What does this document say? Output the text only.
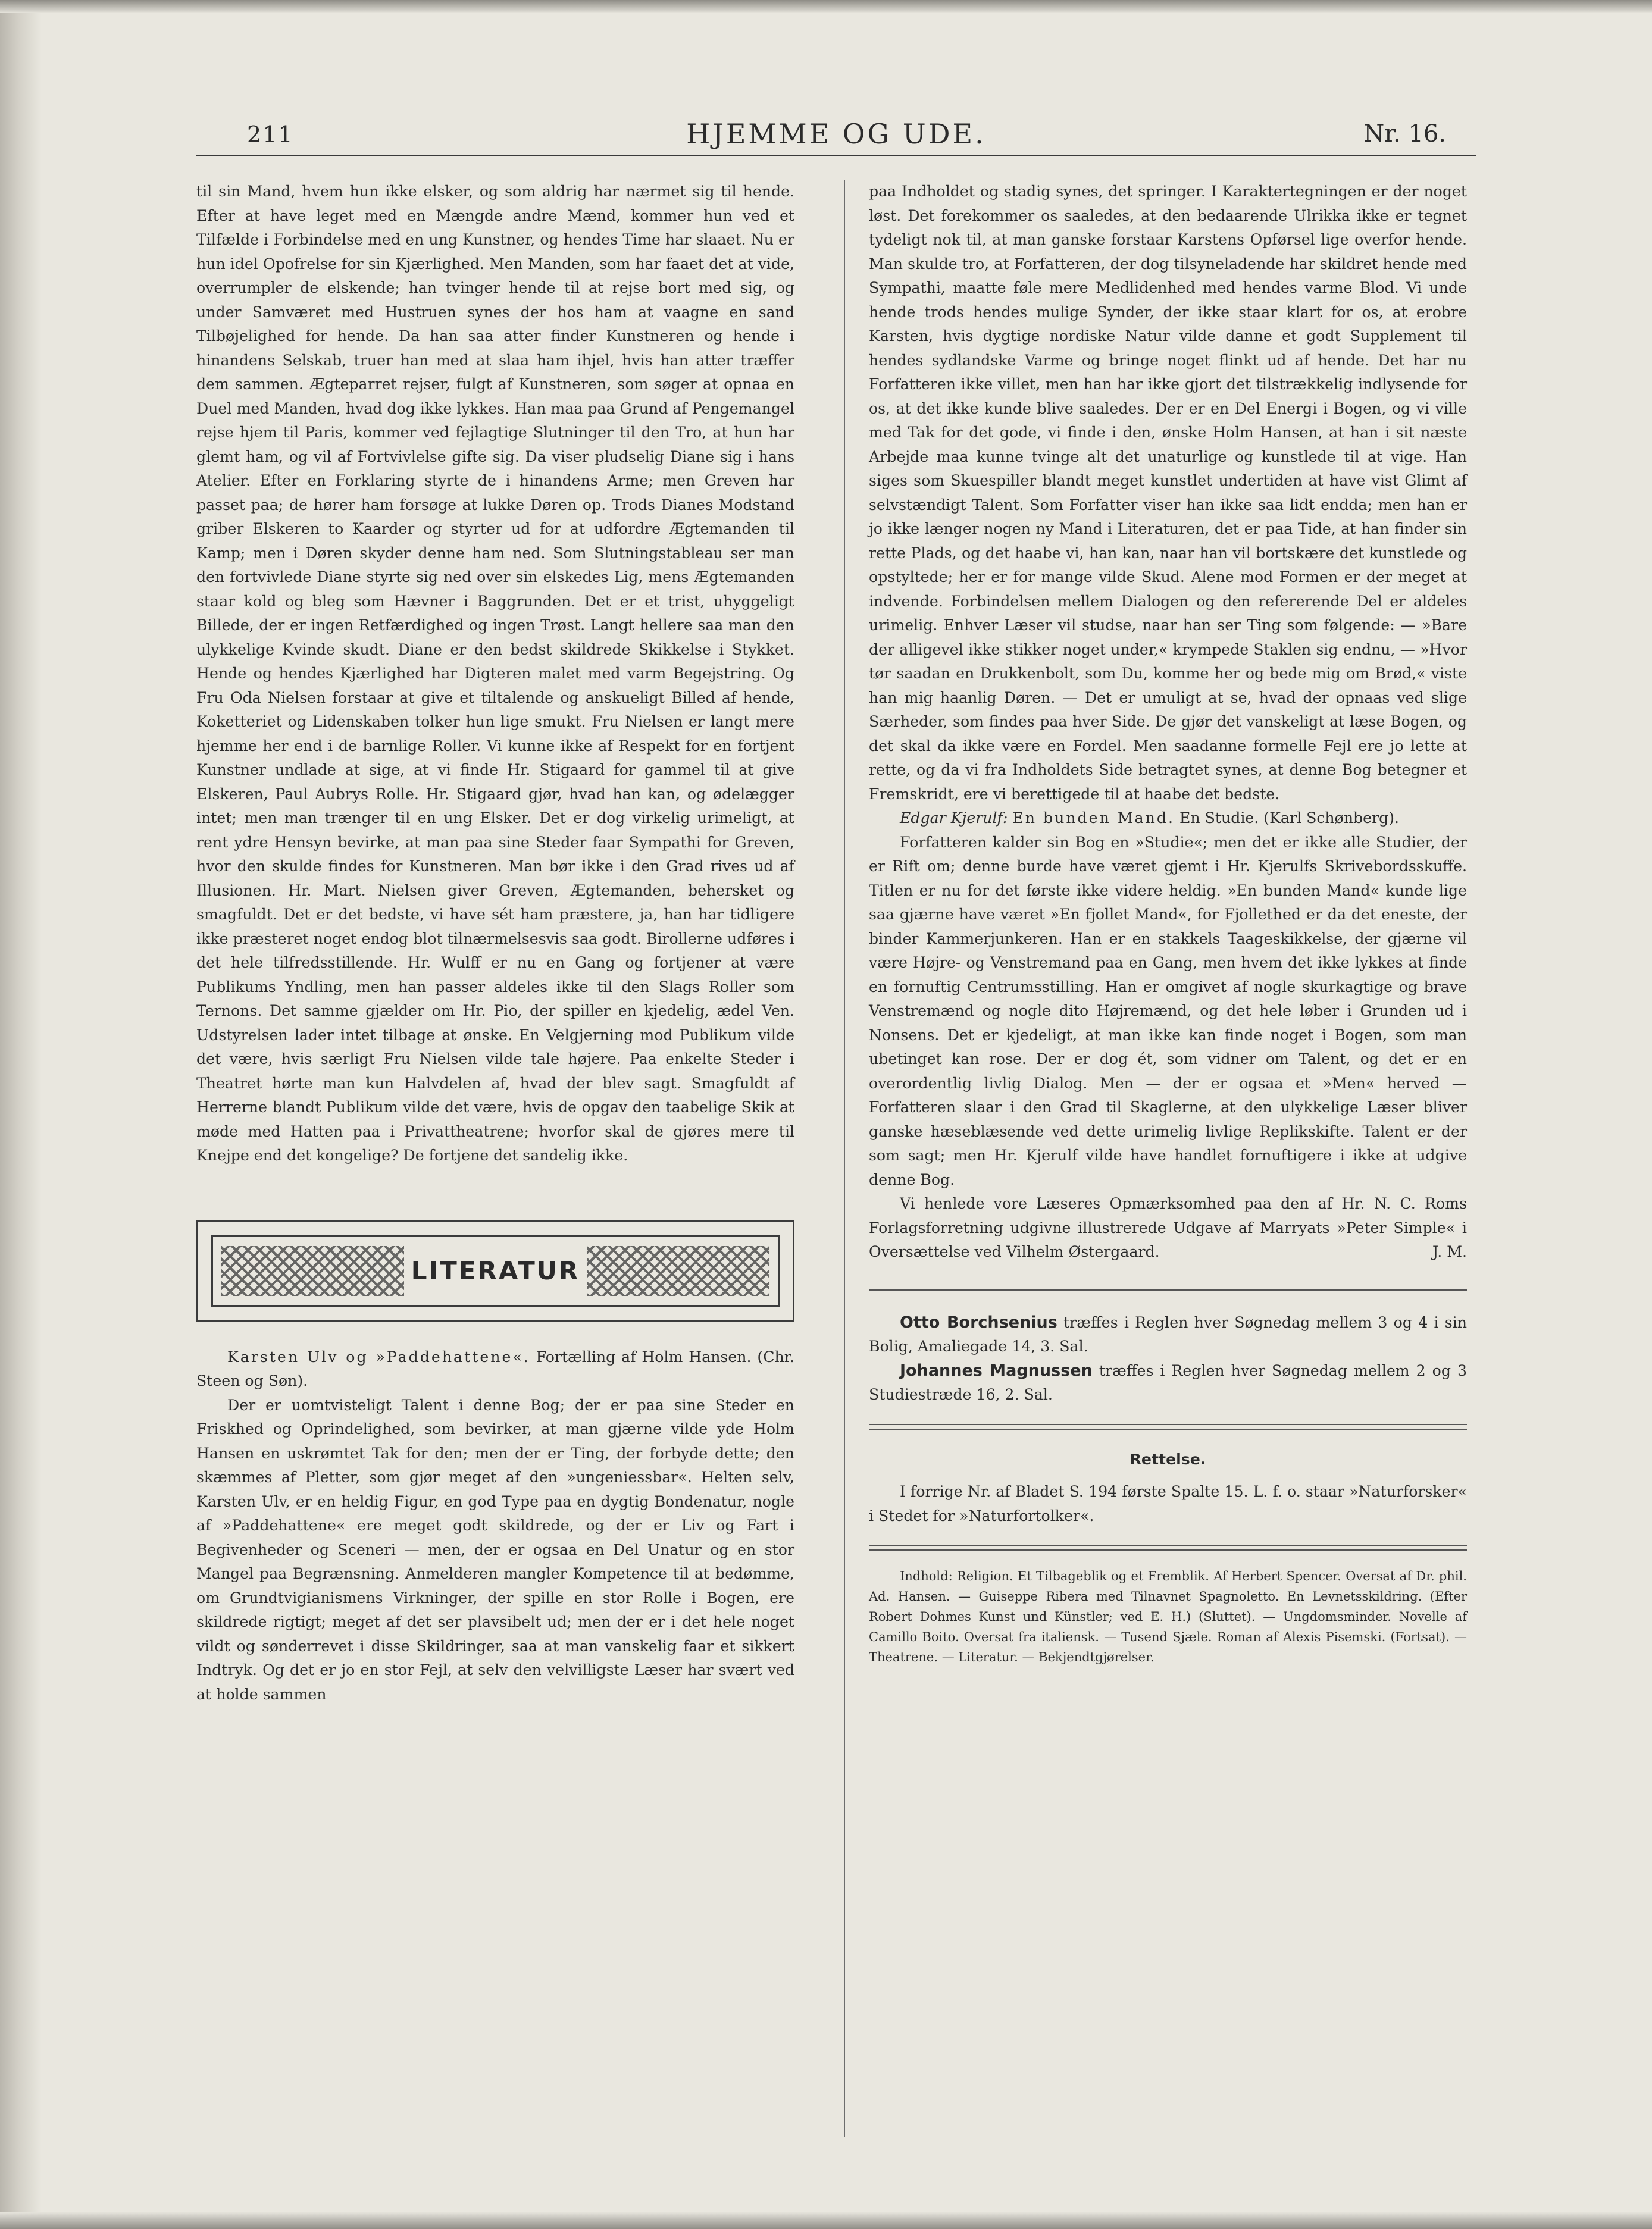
211	HJEMME OG UDE.	Nr. 16.

til sin Mand, hvem hun ikke elsker, og som aldrig har nærmet sig til hende. Efter at have leget med en Mængde andre Mænd, kommer hun ved et Tilfælde i Forbindelse med en ung Kunstner, og hendes Time har slaaet. Nu er hun idel Opofrelse for sin Kjærlighed. Men Manden, som har faaet det at vide, overrumpler de elskende; han tvinger hende til at rejse bort med sig, og under Samværet med Hustruen synes der hos ham at vaagne en sand Tilbøjelighed for hende. Da han saa atter finder Kunstneren og hende i hinandens Selskab, truer han med at slaa ham ihjel, hvis han atter træffer dem sammen. Ægteparret rejser, fulgt af Kunstneren, som søger at opnaa en Duel med Manden, hvad dog ikke lykkes. Han maa paa Grund af Pengemangel rejse hjem til Paris, kommer ved fejlagtige Slutninger til den Tro, at hun har glemt ham, og vil af Fortvivlelse gifte sig. Da viser pludselig Diane sig i hans Atelier. Efter en Forklaring styrte de i hinandens Arme; men Greven har passet paa; de hører ham forsøge at lukke Døren op. Trods Dianes Modstand griber Elskeren to Kaarder og styrter ud for at udfordre Ægtemanden til Kamp; men i Døren skyder denne ham ned. Som Slutningstableau ser man den fortvivlede Diane styrte sig ned over sin elskedes Lig, mens Ægtemanden staar kold og bleg som Hævner i Baggrunden. Det er et trist, uhyggeligt Billede, der er ingen Retfærdighed og ingen Trøst. Langt hellere saa man den ulykkelige Kvinde skudt. Diane er den bedst skildrede Skikkelse i Stykket. Hende og hendes Kjærlighed har Digteren malet med varm Begejstring. Og Fru Oda Nielsen forstaar at give et tiltalende og anskueligt Billed af hende, Koketteriet og Lidenskaben tolker hun lige smukt. Fru Nielsen er langt mere hjemme her end i de barnlige Roller. Vi kunne ikke af Respekt for en fortjent Kunstner undlade at sige, at vi finde Hr. Stigaard for gammel til at give Elskeren, Paul Aubrys Rolle. Hr. Stigaard gjør, hvad han kan, og ødelægger intet; men man trænger til en ung Elsker. Det er dog virkelig urimeligt, at rent ydre Hensyn bevirke, at man paa sine Steder faar Sympathi for Greven, hvor den skulde findes for Kunstneren. Man bør ikke i den Grad rives ud af Illusionen. Hr. Mart. Nielsen giver Greven, Ægtemanden, behersket og smagfuldt. Det er det bedste, vi have sét ham præstere, ja, han har tidligere ikke præsteret noget endog blot tilnærmelsesvis saa godt. Birollerne udføres i det hele tilfredsstillende. Hr. Wulff er nu en Gang og fortjener at være Publikums Yndling, men han passer aldeles ikke til den Slags Roller som Ternons. Det samme gjælder om Hr. Pio, der spiller en kjedelig, ædel Ven. Udstyrelsen lader intet tilbage at ønske. En Velgjerning mod Publikum vilde det være, hvis særligt Fru Nielsen vilde tale højere. Paa enkelte Steder i Theatret hørte man kun Halvdelen af, hvad der blev sagt. Smagfuldt af Herrerne blandt Publikum vilde det være, hvis de opgav den taabelige Skik at møde med Hatten paa i Privattheatrene; hvorfor skal de gjøres mere til Knejpe end det kongelige? De fortjene det sandelig ikke.

LITERATUR

Karsten Ulv og »Paddehattene«. Fortælling af Holm Hansen. (Chr. Steen og Søn).

Der er uomtvisteligt Talent i denne Bog; der er paa sine Steder en Friskhed og Oprindelighed, som bevirker, at man gjærne vilde yde Holm Hansen en uskrømtet Tak for den; men der er Ting, der forbyde dette; den skæmmes af Pletter, som gjør meget af den »ungeniessbar«. Helten selv, Karsten Ulv, er en heldig Figur, en god Type paa en dygtig Bondenatur, nogle af »Paddehattene« ere meget godt skildrede, og der er Liv og Fart i Begivenheder og Sceneri — men, der er ogsaa en Del Unatur og en stor Mangel paa Begrænsning. Anmelderen mangler Kompetence til at bedømme, om Grundtvigianismens Virkninger, der spille en stor Rolle i Bogen, ere skildrede rigtigt; meget af det ser plavsibelt ud; men der er i det hele noget vildt og sønderrevet i disse Skildringer, saa at man vanskelig faar et sikkert Indtryk. Og det er jo en stor Fejl, at selv den velvilligste Læser har svært ved at holde sammen

paa Indholdet og stadig synes, det springer. I Karaktertegningen er der noget løst. Det forekommer os saaledes, at den bedaarende Ulrikka ikke er tegnet tydeligt nok til, at man ganske forstaar Karstens Opførsel lige overfor hende. Man skulde tro, at Forfatteren, der dog tilsyneladende har skildret hende med Sympathi, maatte føle mere Medlidenhed med hendes varme Blod. Vi unde hende trods hendes mulige Synder, der ikke staar klart for os, at erobre Karsten, hvis dygtige nordiske Natur vilde danne et godt Supplement til hendes sydlandske Varme og bringe noget flinkt ud af hende. Det har nu Forfatteren ikke villet, men han har ikke gjort det tilstrækkelig indlysende for os, at det ikke kunde blive saaledes. Der er en Del Energi i Bogen, og vi ville med Tak for det gode, vi finde i den, ønske Holm Hansen, at han i sit næste Arbejde maa kunne tvinge alt det unaturlige og kunstlede til at vige. Han siges som Skuespiller blandt meget kunstlet undertiden at have vist Glimt af selvstændigt Talent. Som Forfatter viser han ikke saa lidt endda; men han er jo ikke længer nogen ny Mand i Literaturen, det er paa Tide, at han finder sin rette Plads, og det haabe vi, han kan, naar han vil bortskære det kunstlede og opstyltede; her er for mange vilde Skud. Alene mod Formen er der meget at indvende. Forbindelsen mellem Dialogen og den refererende Del er aldeles urimelig. Enhver Læser vil studse, naar han ser Ting som følgende: — »Bare der alligevel ikke stikker noget under,« krympede Staklen sig endnu, — »Hvor tør saadan en Drukkenbolt, som Du, komme her og bede mig om Brød,« viste han mig haanlig Døren. — Det er umuligt at se, hvad der opnaas ved slige Særheder, som findes paa hver Side. De gjør det vanskeligt at læse Bogen, og det skal da ikke være en Fordel. Men saadanne formelle Fejl ere jo lette at rette, og da vi fra Indholdets Side betragtet synes, at denne Bog betegner et Fremskridt, ere vi berettigede til at haabe det bedste.

Edgar Kjerulf: En bunden Mand. En Studie. (Karl Schønberg).

Forfatteren kalder sin Bog en »Studie«; men det er ikke alle Studier, der er Rift om; denne burde have været gjemt i Hr. Kjerulfs Skrivebordsskuffe. Titlen er nu for det første ikke videre heldig. »En bunden Mand« kunde lige saa gjærne have været »En fjollet Mand«, for Fjollethed er da det eneste, der binder Kammerjunkeren. Han er en stakkels Taageskikkelse, der gjærne vil være Højre- og Venstremand paa en Gang, men hvem det ikke lykkes at finde en fornuftig Centrumsstilling. Han er omgivet af nogle skurkagtige og brave Venstremænd og nogle dito Højremænd, og det hele løber i Grunden ud i Nonsens. Det er kjedeligt, at man ikke kan finde noget i Bogen, som man ubetinget kan rose. Der er dog ét, som vidner om Talent, og det er en overordentlig livlig Dialog. Men — der er ogsaa et »Men« herved — Forfatteren slaar i den Grad til Skaglerne, at den ulykkelige Læser bliver ganske hæseblæsende ved dette urimelig livlige Replikskifte. Talent er der som sagt; men Hr. Kjerulf vilde have handlet fornuftigere i ikke at udgive denne Bog.

Vi henlede vore Læseres Opmærksomhed paa den af Hr. N. C. Roms Forlagsforretning udgivne illustrerede Udgave af Marryats »Peter Simple« i Oversættelse ved Vilhelm Østergaard.	J. M.

Otto Borchsenius træffes i Reglen hver Søgnedag mellem 3 og 4 i sin Bolig, Amaliegade 14, 3. Sal.

Johannes Magnussen træffes i Reglen hver Søgnedag mellem 2 og 3 Studiestræde 16, 2. Sal.

Rettelse.

I forrige Nr. af Bladet S. 194 første Spalte 15. L. f. o. staar »Naturforsker« i Stedet for »Naturfortolker«.

Indhold: Religion. Et Tilbageblik og et Fremblik. Af Herbert Spencer. Oversat af Dr. phil. Ad. Hansen. — Guiseppe Ribera med Tilnavnet Spagnoletto. En Levnetsskildring. (Efter Robert Dohmes Kunst und Künstler; ved E. H.) (Sluttet). — Ungdomsminder. Novelle af Camillo Boito. Oversat fra italiensk. — Tusend Sjæle. Roman af Alexis Pisemski. (Fortsat). — Theatrene. — Literatur. — Bekjendtgjørelser.
